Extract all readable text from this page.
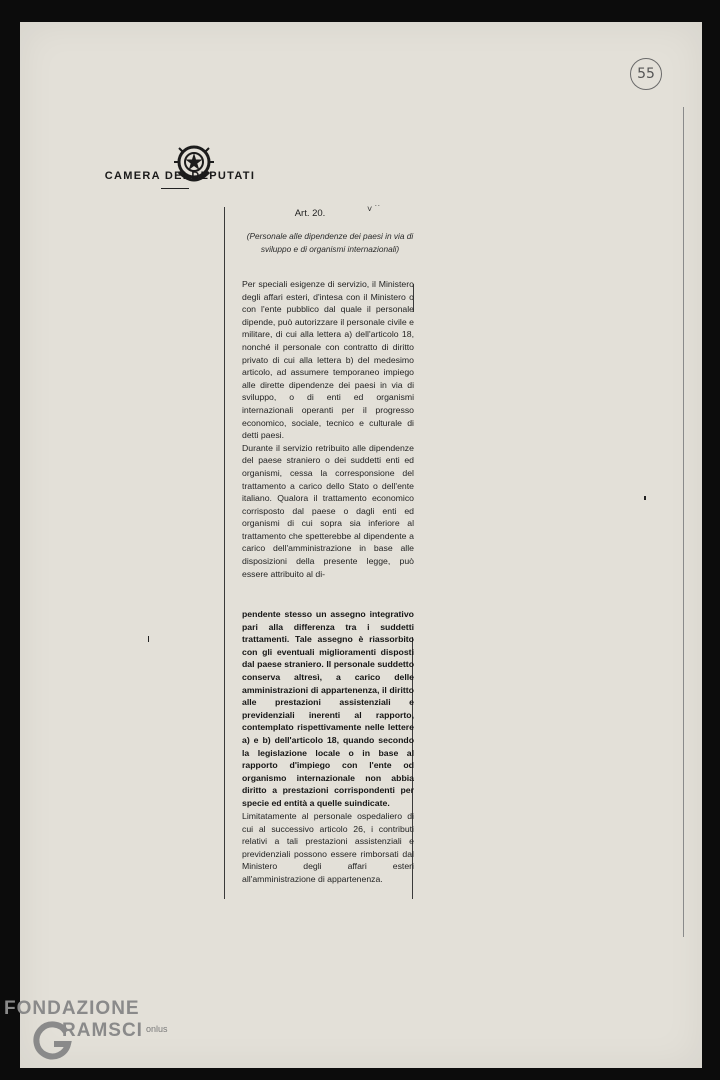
CAMERA DEI DEPUTATI
55
Art. 20.	˅ ˙˙
(Personale alle dipendenze dei paesi in via di sviluppo e di organismi internazionali)

Per speciali esigenze di servizio, il Ministero degli affari esteri, d'intesa con il Ministero o con l'ente pubblico dal quale il personale dipende, può autorizzare il personale civile e militare, di cui alla lettera a) dell'articolo 18, nonché il personale con contratto di diritto privato di cui alla lettera b) del medesimo articolo, ad assumere temporaneo impiego alle dirette dipendenze dei paesi in via di sviluppo, o di enti ed organismi internazionali operanti per il progresso economico, sociale, tecnico e culturale di detti paesi.

Durante il servizio retribuito alle dipendenze del paese straniero o dei suddetti enti ed organismi, cessa la corresponsione del trattamento a carico dello Stato o dell'ente italiano. Qualora il trattamento economico corrisposto dal paese o dagli enti ed organismi di cui sopra sia inferiore al trattamento che spetterebbe al dipendente a carico dell'amministrazione in base alle disposizioni della presente legge, può essere attribuito al di-

pendente stesso un assegno integrativo pari alla differenza tra i suddetti trattamenti. Tale assegno è riassorbito con gli eventuali miglioramenti disposti dal paese straniero. Il personale suddetto conserva altresì, a carico delle amministrazioni di appartenenza, il diritto alle prestazioni assistenziali e previdenziali inerenti al rapporto, contemplato rispettivamente nelle lettere a) e b) dell'articolo 18, quando secondo la legislazione locale o in base al rapporto d'impiego con l'ente od organismo internazionale non abbia diritto a prestazioni corrispondenti per specie ed entità a quelle suindicate.

Limitatamente al personale ospedaliero di cui al successivo articolo 26, i contributi relativi a tali prestazioni assistenziali e previdenziali possono essere rimborsati dal Ministero degli affari esteri all'amministrazione di appartenenza.

FONDAZIONE
RAMSCI onlus
